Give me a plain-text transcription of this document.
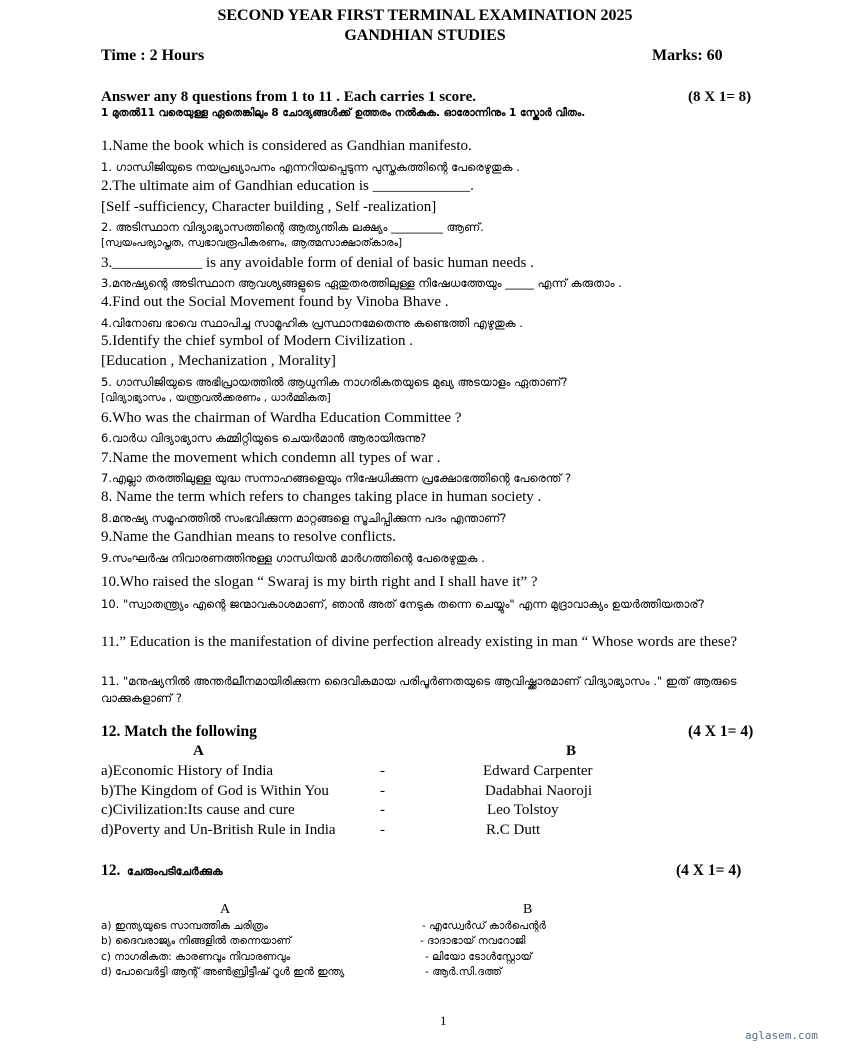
SECOND YEAR FIRST TERMINAL EXAMINATION 2025
GANDHIAN STUDIES
Time : 2 Hours	Marks: 60
Answer any 8 questions from 1 to 11 . Each carries 1 score.	(8 X 1= 8)
1 മുതൽ11 വരെയുള്ള ഏതെങ്കിലും 8 ചോദ്യങ്ങൾക്ക് ഉത്തരം നൽകുക. ഓരോന്നിനും 1 സ്കോർ വീതം.
1.Name the book which is considered as Gandhian manifesto.
1. ഗാന്ധിജിയുടെ നയപ്രഖ്യാപനം എന്നറിയപ്പെടുന്ന പുസ്തകത്തിന്റെ പേരെഴുതുക .
2.The ultimate aim of Gandhian education is _____________.
[Self -sufficiency, Character building , Self -realization]
2. അടിസ്ഥാന വിദ്യാഭ്യാസത്തിന്റെ ആത്യന്തിക ലക്ഷ്യം _________ ആണ്.
[സ്വയംപര്യാപ്തത, സ്വഭാവരൂപീകരണം, ആത്മസാക്ഷാത്കാരം]
3.____________ is any avoidable form of denial of basic human needs .
3.മനുഷ്യന്റെ അടിസ്ഥാന ആവശ്യങ്ങളുടെ ഏതുതരത്തിലുള്ള നിഷേധത്തേയും _____ എന്ന് കരുതാം .
4.Find out the Social Movement found by Vinoba Bhave .
4.വിനോബ ഭാവെ സ്ഥാപിച്ച സാമൂഹിക പ്രസ്ഥാനമേതെന്നു കണ്ടെത്തി എഴുതുക .
5.Identify the chief symbol of Modern Civilization .
[Education , Mechanization , Morality]
5. ഗാന്ധിജിയുടെ അഭിപ്രായത്തിൽ ആധുനിക നാഗരികതയുടെ മുഖ്യ അടയാളം ഏതാണ്?
[വിദ്യാഭ്യാസം , യന്ത്രവൽക്കരണം , ധാർമ്മികത]
6.Who was the chairman of Wardha Education Committee ?
6.വാർധ വിദ്യാഭ്യാസ കമ്മിറ്റിയുടെ ചെയർമാൻ ആരായിരുന്നു?
7.Name the movement which condemn all types of war .
7.എല്ലാ തരത്തിലുള്ള യുദ്ധ സന്നാഹങ്ങളെയും നിഷേധിക്കുന്ന പ്രക്ഷോഭത്തിന്റെ പേരെന്ത് ?
8. Name the term which refers to changes taking place in human society .
8.മനുഷ്യ സമൂഹത്തിൽ സംഭവിക്കുന്ന മാറ്റങ്ങളെ സൂചിപ്പിക്കുന്ന പദം എന്താണ്?
9.Name the Gandhian means to resolve conflicts.
9.സംഘർഷ നിവാരണത്തിനുള്ള ഗാന്ധിയൻ മാർഗത്തിന്റെ പേരെഴുതുക .
10.Who raised the slogan “ Swaraj is my birth right and I shall have it” ?
10. "സ്വാതന്ത്ര്യം എന്റെ ജന്മാവകാശമാണ്, ഞാൻ അത് നേടുക തന്നെ ചെയ്യും" എന്ന മുദ്രാവാക്യം ഉയർത്തിയതാര്?
11.” Education is the manifestation of divine perfection already existing in man “ Whose words are these?
11. "മനുഷ്യനിൽ അന്തർലീനമായിരിക്കുന്ന ദൈവികമായ പരിപൂർണതയുടെ ആവിഷ്ക്കാരമാണ് വിദ്യാഭ്യാസം ." ഇത് ആരുടെ വാക്കുകളാണ് ?
12. Match the following	(4 X 1= 4)
A	B
a)Economic History of India	-	Edward Carpenter
b)The Kingdom of God is Within You	-	Dadabhai Naoroji
c)Civilization:Its cause and cure	-	Leo Tolstoy
d)Poverty and Un-British Rule in India	-	R.C Dutt
12. ചേരുംപടിചേർക്കുക	(4 X 1= 4)
A	B
a) ഇന്ത്യയുടെ സാമ്പത്തിക ചരിത്രം	- എഡ്വേർഡ് കാർപെന്റർ
b) ദൈവരാജ്യം നിങ്ങളിൽ തന്നെയാണ്	- ദാദാഭായ് നവറോജി
c) നാഗരികത: കാരണവും നിവാരണവും	- ലിയോ ടോൾസ്റ്റോയ്
d) പോവെർട്ടി ആന്റ് അൺബ്രിട്ടീഷ് റൂൾ ഇൻ ഇന്ത്യ	- ആർ.സി.ദത്ത്
1
aglasem.com
